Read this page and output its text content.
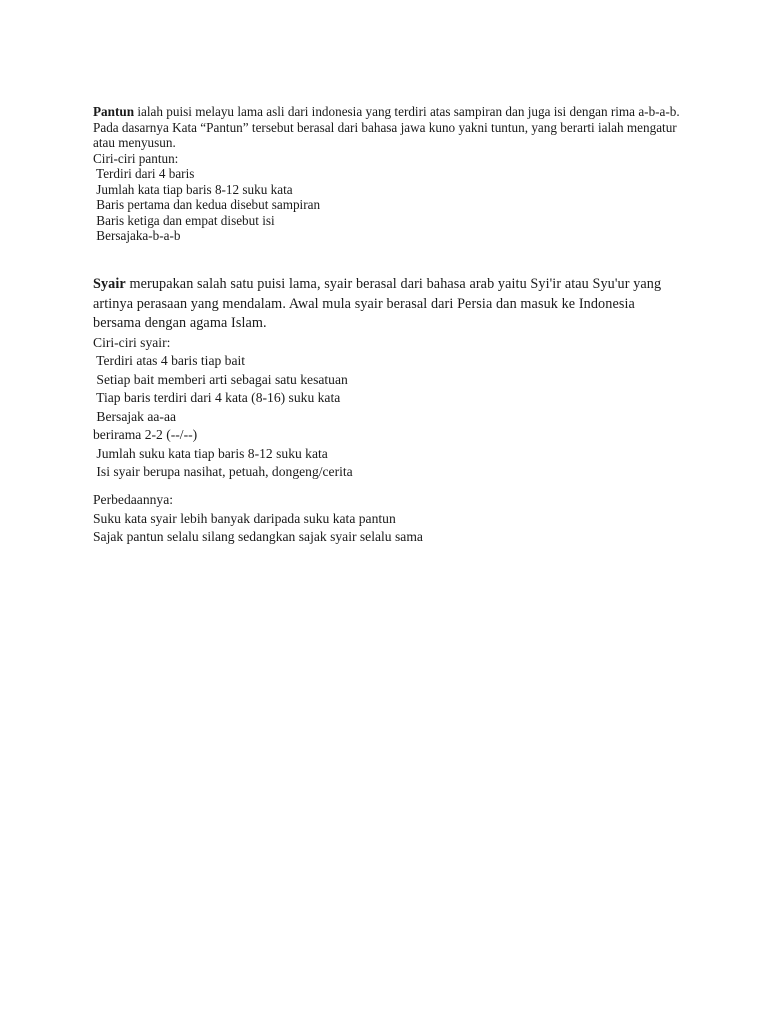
Pantun ialah puisi melayu lama asli dari indonesia yang terdiri atas sampiran dan juga isi dengan rima a-b-a-b. Pada dasarnya Kata “Pantun” tersebut berasal dari bahasa jawa kuno yakni tuntun, yang berarti ialah mengatur atau menyusun.
Ciri-ciri pantun:
Terdiri dari 4 baris
Jumlah kata tiap baris 8-12 suku kata
Baris pertama dan kedua disebut sampiran
Baris ketiga dan empat disebut isi
Bersajaka-b-a-b
Syair merupakan salah satu puisi lama, syair berasal dari bahasa arab yaitu Syi'ir atau Syu'ur yang artinya perasaan yang mendalam. Awal mula syair berasal dari Persia dan masuk ke Indonesia bersama dengan agama Islam.
Ciri-ciri syair:
Terdiri atas 4 baris tiap bait
Setiap bait memberi arti sebagai satu kesatuan
Tiap baris terdiri dari 4 kata (8-16) suku kata
Bersajak aa-aa
berirama 2-2 (--/--)
Jumlah suku kata tiap baris 8-12 suku kata
Isi syair berupa nasihat, petuah, dongeng/cerita
Perbedaannya:
Suku kata syair lebih banyak daripada suku kata pantun
Sajak pantun selalu silang sedangkan sajak syair selalu sama
